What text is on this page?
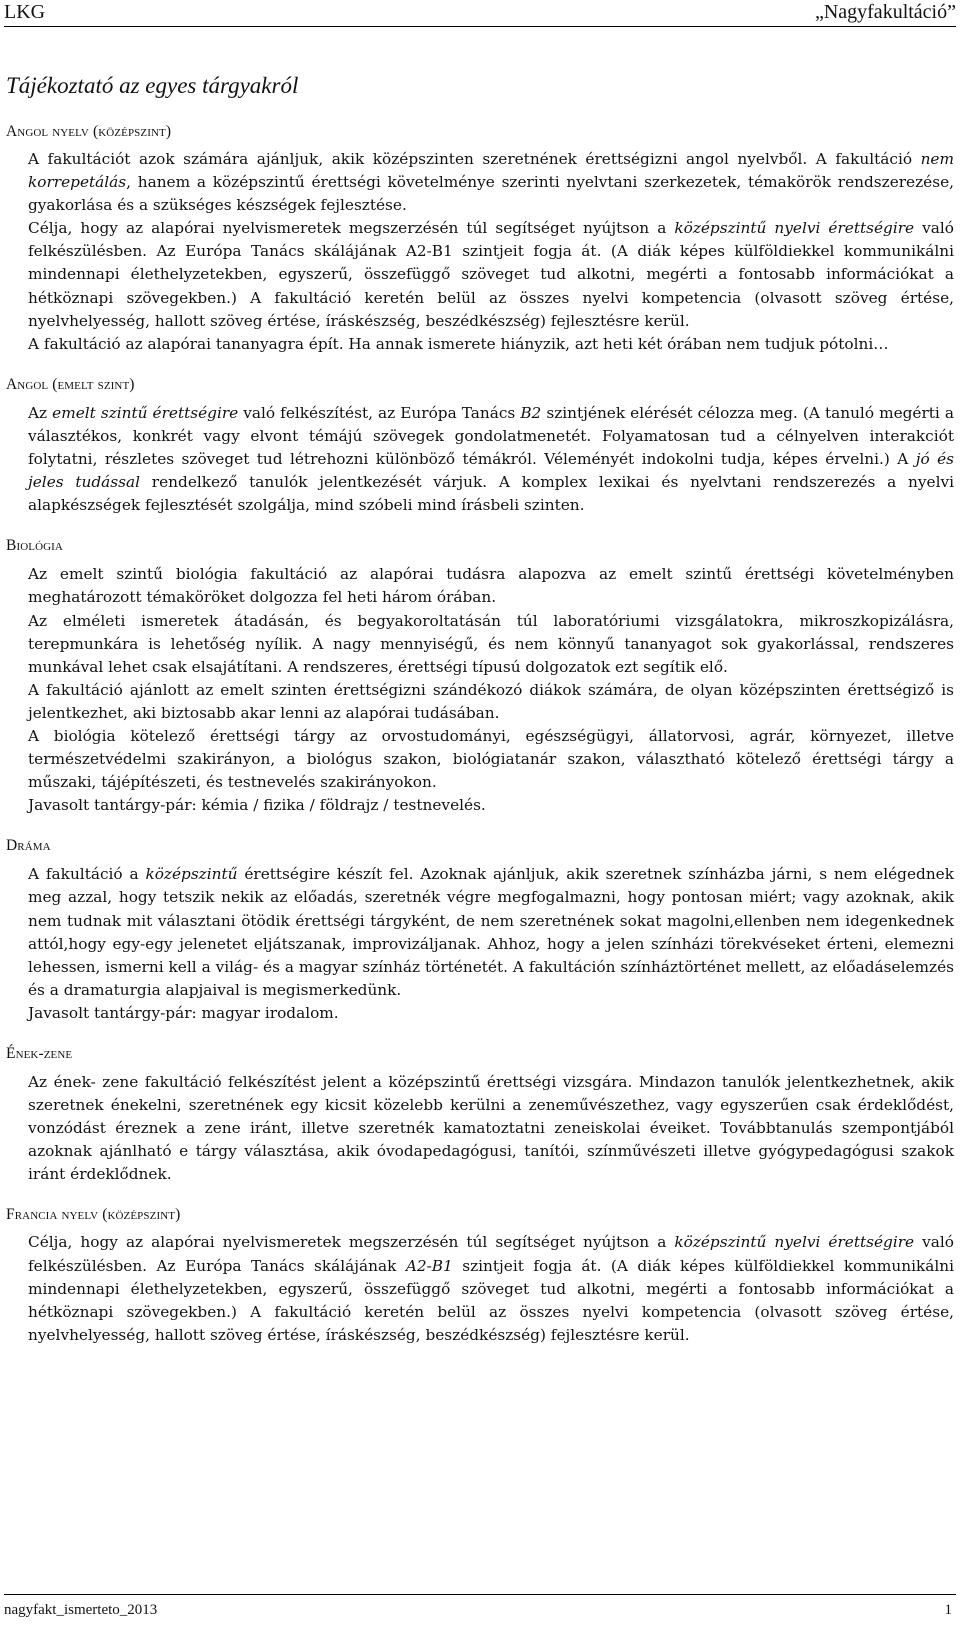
LKG	„Nagyfakultáció”
Tájékoztató az egyes tárgyakról
Angol nyelv (középszint)

A fakultációt azok számára ajánljuk, akik középszinten szeretnének érettségizni angol nyelvből. A fakultáció nem korrepetálás, hanem a középszintű érettségi követelménye szerinti nyelvtani szerkezetek, témakörök rendszerezése, gyakorlása és a szükséges készségek fejlesztése.

Célja, hogy az alapórai nyelvismeretek megszerzésén túl segítséget nyújtson a középszintű nyelvi érettségire való felkészülésben. Az Európa Tanács skálájának A2-B1 szintjeit fogja át. (A diák képes külföldiekkel kommunikálni mindennapi élethelyzetekben, egyszerű, összefüggő szöveget tud alkotni, megérti a fontosabb információkat a hétköznapi szövegekben.) A fakultáció keretén belül az összes nyelvi kompetencia (olvasott szöveg értése, nyelvhelyesség, hallott szöveg értése, íráskészség, beszédkészség) fejlesztésre kerül.

A fakultáció az alapórai tananyagra épít. Ha annak ismerete hiányzik, azt heti két órában nem tudjuk pótolni…

Angol (emelt szint)

Az emelt szintű érettségire való felkészítést, az Európa Tanács B2 szintjének elérését célozza meg. (A tanuló megérti a választékos, konkrét vagy elvont témájú szövegek gondolatmenetét. Folyamatosan tud a célnyelven interakciót folytatni, részletes szöveget tud létrehozni különböző témákról. Véleményét indokolni tudja, képes érvelni.) A jó és jeles tudással rendelkező tanulók jelentkezését várjuk. A komplex lexikai és nyelvtani rendszerezés a nyelvi alapkészségek fejlesztését szolgálja, mind szóbeli mind írásbeli szinten.

Biológia

Az emelt szintű biológia fakultáció az alapórai tudásra alapozva az emelt szintű érettségi követelményben meghatározott témaköröket dolgozza fel heti három órában.

Az elméleti ismeretek átadásán, és begyakoroltatásán túl laboratóriumi vizsgálatokra, mikroszkopizálásra, terepmunkára is lehetőség nyílik. A nagy mennyiségű, és nem könnyű tananyagot sok gyakorlással, rendszeres munkával lehet csak elsajátítani. A rendszeres, érettségi típusú dolgozatok ezt segítik elő.

A fakultáció ajánlott az emelt szinten érettségizni szándékozó diákok számára, de olyan középszinten érettségiző is jelentkezhet, aki biztosabb akar lenni az alapórai tudásában.

A biológia kötelező érettségi tárgy az orvostudományi, egészségügyi, állatorvosi, agrár, környezet, illetve természetvédelmi szakirányon, a biológus szakon, biológiatanár szakon, választható kötelező érettségi tárgy a műszaki, tájépítészeti, és testnevelés szakirányokon.

Javasolt tantárgy-pár: kémia / fizika / földrajz / testnevelés.

Dráma

A fakultáció a középszintű érettségire készít fel. Azoknak ajánljuk, akik szeretnek színházba járni, s nem elégednek meg azzal, hogy tetszik nekik az előadás, szeretnék végre megfogalmazni, hogy pontosan miért; vagy azoknak, akik nem tudnak mit választani ötödik érettségi tárgyként, de nem szeretnének sokat magolni,ellenben nem idegenkednek attól,hogy egy-egy jelenetet eljátszanak, improvizáljanak. Ahhoz, hogy a jelen színházi törekvéseket érteni, elemezni lehessen, ismerni kell a világ- és a magyar színház történetét. A fakultáción színháztörténet mellett, az előadáselemzés és a dramaturgia alapjaival is megismerkedünk.

Javasolt tantárgy-pár: magyar irodalom.

Ének-zene

Az ének- zene fakultáció felkészítést jelent a középszintű érettségi vizsgára. Mindazon tanulók jelentkezhetnek, akik szeretnek énekelni, szeretnének egy kicsit közelebb kerülni a zeneművészethez, vagy egyszerűen csak érdeklődést, vonzódást éreznek a zene iránt, illetve szeretnék kamatoztatni zeneiskolai éveiket. Továbbtanulás szempontjából azoknak ajánlható e tárgy választása, akik óvodapedagógusi, tanítói, színművészeti illetve gyógypedagógusi szakok iránt érdeklődnek.

Francia nyelv (középszint)

Célja, hogy az alapórai nyelvismeretek megszerzésén túl segítséget nyújtson a középszintű nyelvi érettségire való felkészülésben. Az Európa Tanács skálájának A2-B1 szintjeit fogja át. (A diák képes külföldiekkel kommunikálni mindennapi élethelyzetekben, egyszerű, összefüggő szöveget tud alkotni, megérti a fontosabb információkat a hétköznapi szövegekben.) A fakultáció keretén belül az összes nyelvi kompetencia (olvasott szöveg értése, nyelvhelyesség, hallott szöveg értése, íráskészség, beszédkészség) fejlesztésre kerül.

nagyfakt_ismerteto_2013	1
